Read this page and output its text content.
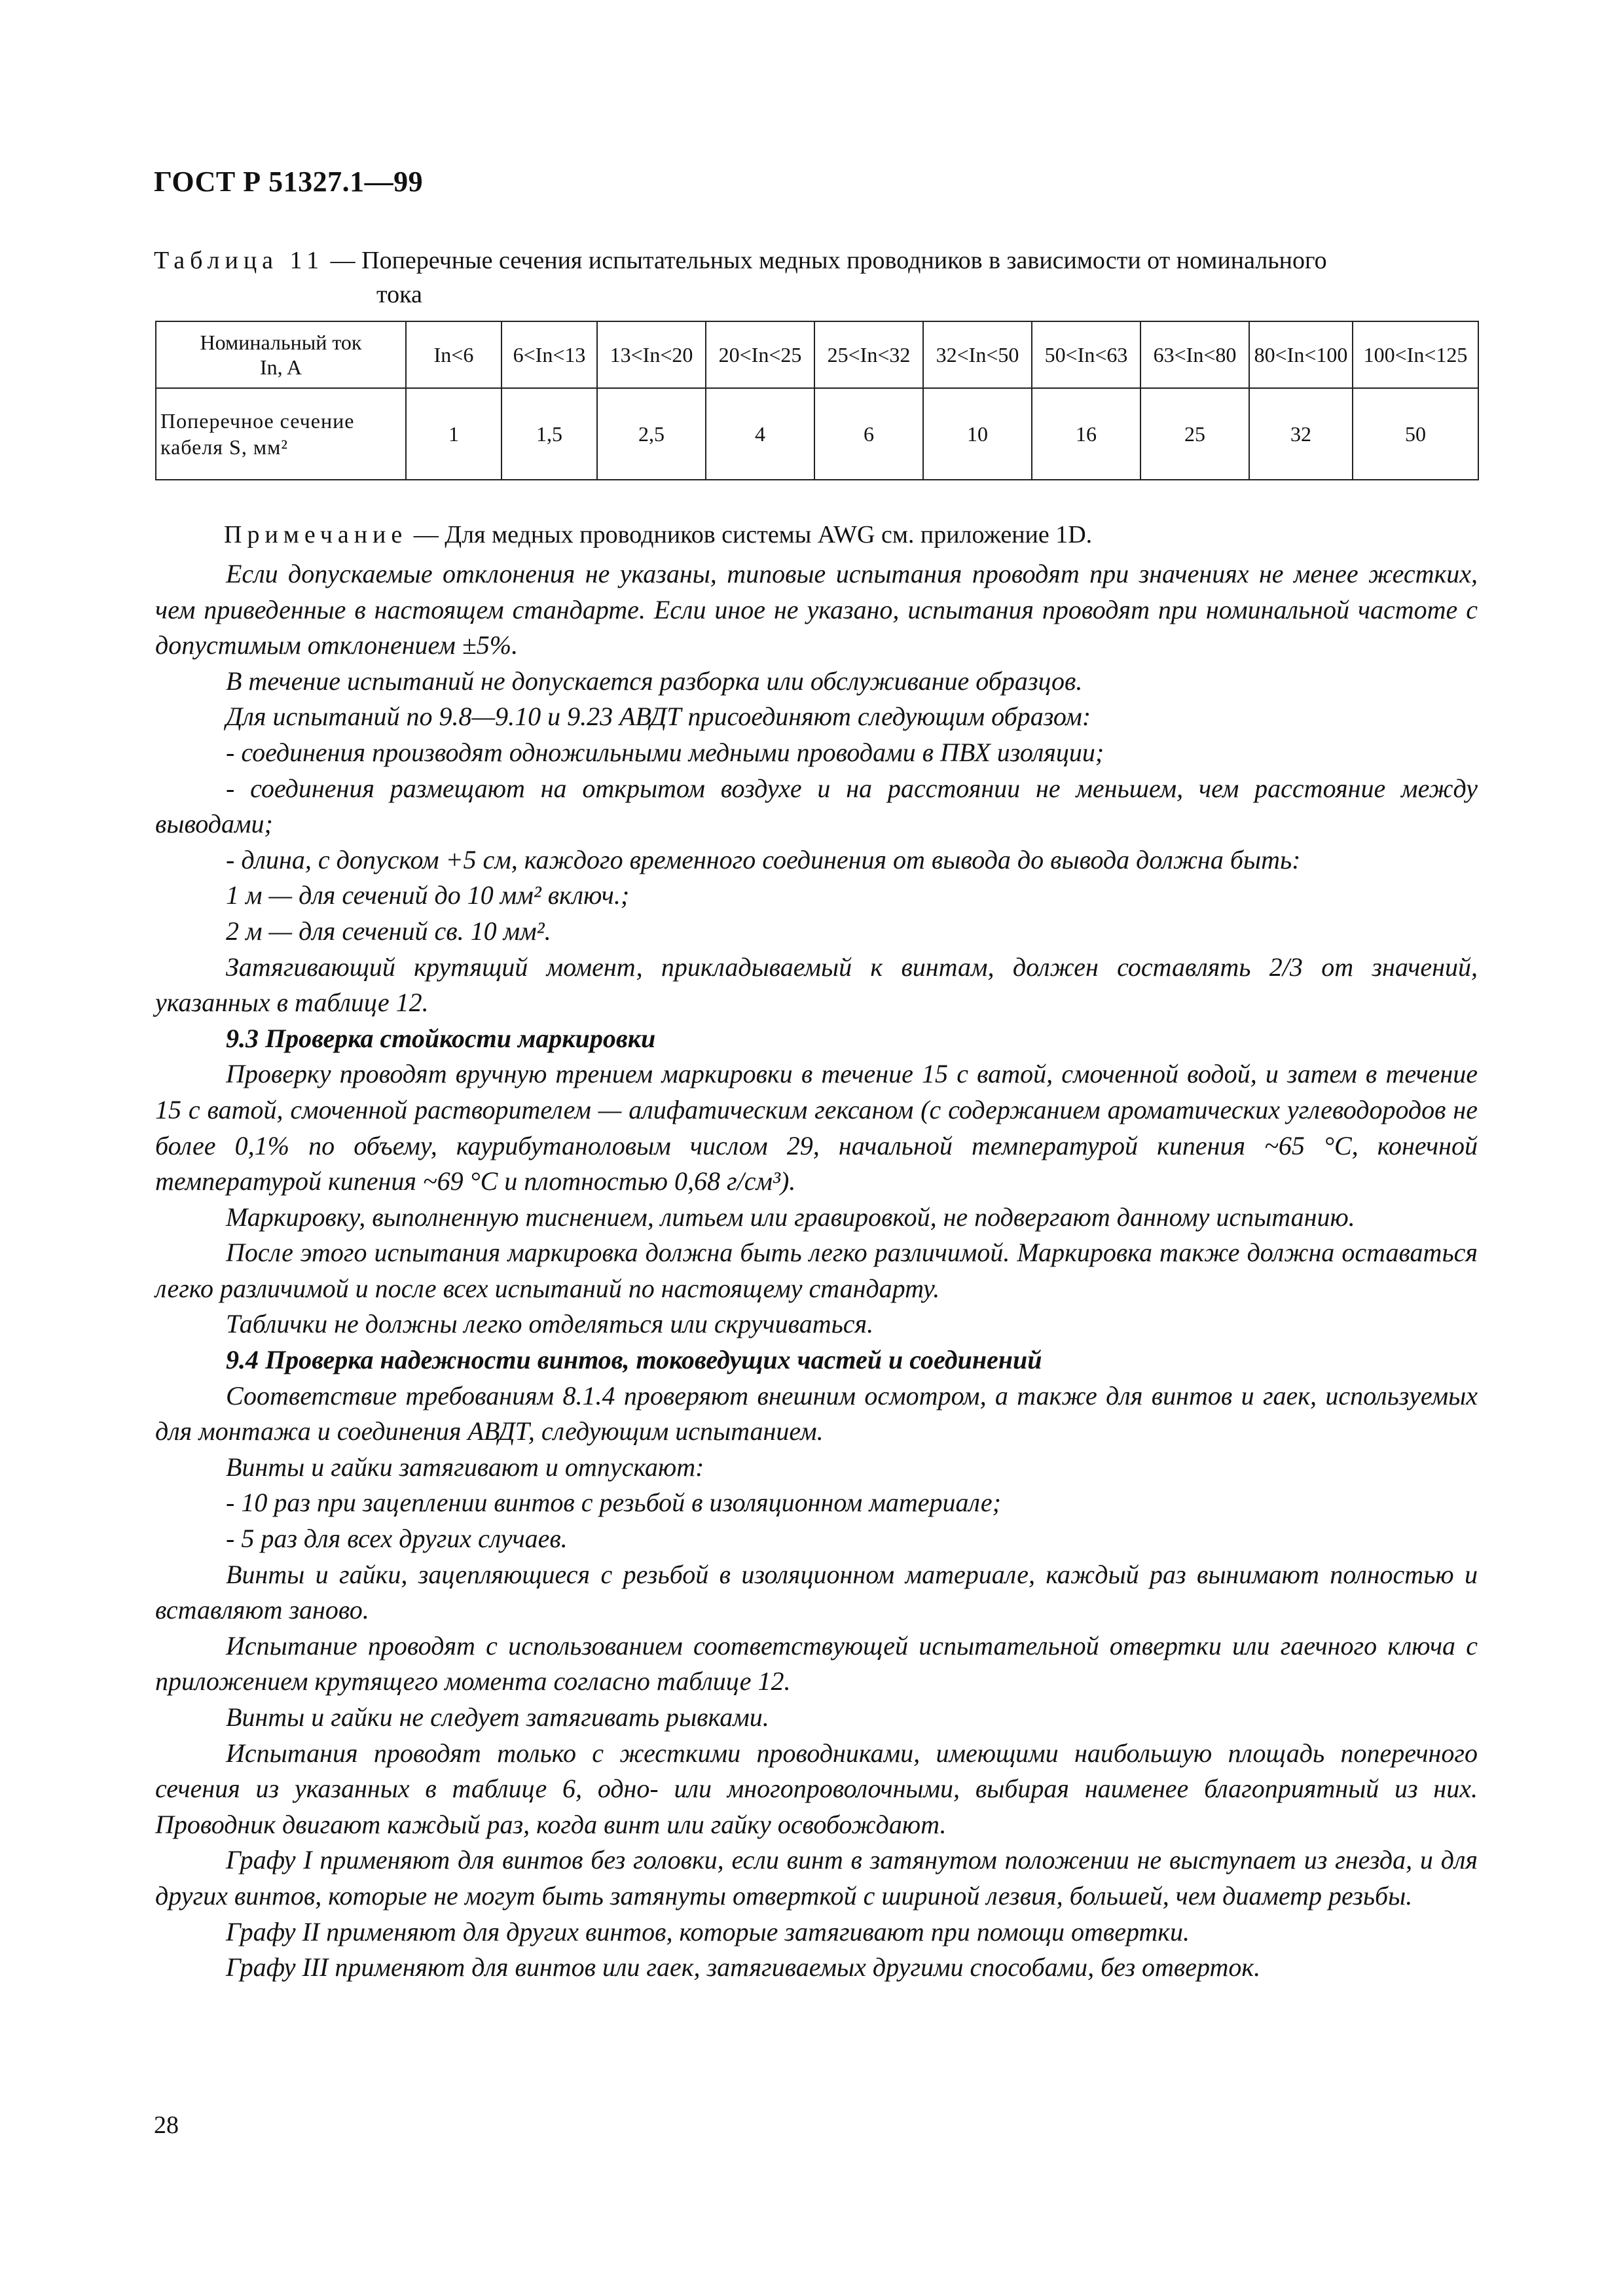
ГОСТ Р 51327.1—99
Таблица 11 — Поперечные сечения испытательных медных проводников в зависимости от номинального
тока
Номинальный ток
In, A	In<6	6<In<13	13<In<20	20<In<25	25<In<32	32<In<50	50<In<63	63<In<80	80<In<100	100<In<125

Поперечное сечение
кабеля S, мм²	1	1,5	2,5	4	6	10	16	25	32	50
Примечание — Для медных проводников системы AWG см. приложение 1D.

Если допускаемые отклонения не указаны, типовые испытания проводят при значениях не менее жестких, чем приведенные в настоящем стандарте. Если иное не указано, испытания проводят при номинальной частоте с допустимым отклонением ±5%.

В течение испытаний не допускается разборка или обслуживание образцов.

Для испытаний по 9.8—9.10 и 9.23 АВДТ присоединяют следующим образом:

- соединения производят одножильными медными проводами в ПВХ изоляции;

- соединения размещают на открытом воздухе и на расстоянии не меньшем, чем расстояние между выводами;

- длина, с допуском +5 см, каждого временного соединения от вывода до вывода должна быть:

1 м — для сечений до 10 мм² включ.;

2 м — для сечений св. 10 мм².

Затягивающий крутящий момент, прикладываемый к винтам, должен составлять 2/3 от значений, указанных в таблице 12.

9.3 Проверка стойкости маркировки

Проверку проводят вручную трением маркировки в течение 15 с ватой, смоченной водой, и затем в течение 15 с ватой, смоченной растворителем — алифатическим гексаном (с содержанием ароматических углеводородов не более 0,1% по объему, каурибутаноловым числом 29, начальной температурой кипения ~65 °С, конечной температурой кипения ~69 °С и плотностью 0,68 г/см³).

Маркировку, выполненную тиснением, литьем или гравировкой, не подвергают данному испытанию.

После этого испытания маркировка должна быть легко различимой. Маркировка также должна оставаться легко различимой и после всех испытаний по настоящему стандарту.

Таблички не должны легко отделяться или скручиваться.

9.4 Проверка надежности винтов, токоведущих частей и соединений

Соответствие требованиям 8.1.4 проверяют внешним осмотром, а также для винтов и гаек, используемых для монтажа и соединения АВДТ, следующим испытанием.

Винты и гайки затягивают и отпускают:

- 10 раз при зацеплении винтов с резьбой в изоляционном материале;

- 5 раз для всех других случаев.

Винты и гайки, зацепляющиеся с резьбой в изоляционном материале, каждый раз вынимают полностью и вставляют заново.

Испытание проводят с использованием соответствующей испытательной отвертки или гаечного ключа с приложением крутящего момента согласно таблице 12.

Винты и гайки не следует затягивать рывками.

Испытания проводят только с жесткими проводниками, имеющими наибольшую площадь поперечного сечения из указанных в таблице 6, одно- или многопроволочными, выбирая наименее благоприятный из них. Проводник двигают каждый раз, когда винт или гайку освобождают.

Графу I применяют для винтов без головки, если винт в затянутом положении не выступает из гнезда, и для других винтов, которые не могут быть затянуты отверткой с шириной лезвия, большей, чем диаметр резьбы.

Графу II применяют для других винтов, которые затягивают при помощи отвертки.

Графу III применяют для винтов или гаек, затягиваемых другими способами, без отверток.

28
